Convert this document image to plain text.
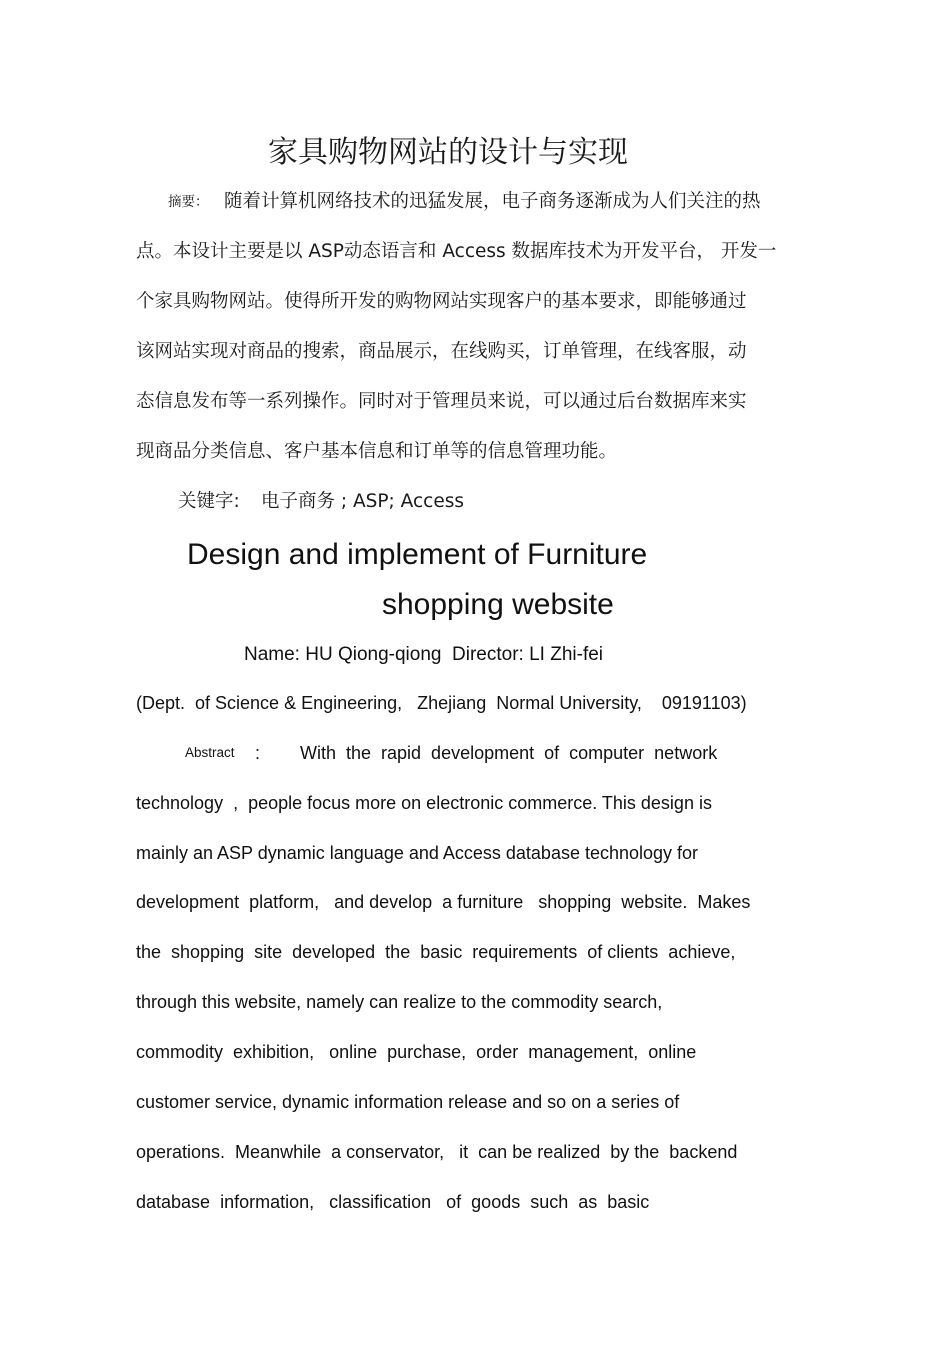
家具购物网站的设计与实现
摘要： 随着计算机网络技术的迅猛发展，电子商务逐渐成为人们关注的热
点。本设计主要是以 ASP动态语言和 Access 数据库技术为开发平台， 开发一
个家具购物网站。使得所开发的购物网站实现客户的基本要求，即能够通过
该网站实现对商品的搜索，商品展示，在线购买，订单管理，在线客服，动
态信息发布等一系列操作。同时对于管理员来说，可以通过后台数据库来实
现商品分类信息、客户基本信息和订单等的信息管理功能。
关键字: 电子商务 ; ASP; Access
Design and implement of Furniture
shopping website
Name: HU Qiong-qiong  Director: LI Zhi-fei
(Dept.  of Science & Engineering,   Zhejiang  Normal University,    09191103)
Abstract : With  the  rapid  development  of  computer  network
technology  ,  people focus more on electronic commerce. This design is
mainly an ASP dynamic language and Access database technology for
development  platform,   and develop  a furniture   shopping  website.  Makes
the  shopping  site  developed  the  basic  requirements  of clients  achieve,
through this website, namely can realize to the commodity search,
commodity  exhibition,   online  purchase,  order  management,  online
customer service, dynamic information release and so on a series of
operations.  Meanwhile  a conservator,   it  can be realized  by the  backend
database  information,   classification   of  goods  such  as  basic
